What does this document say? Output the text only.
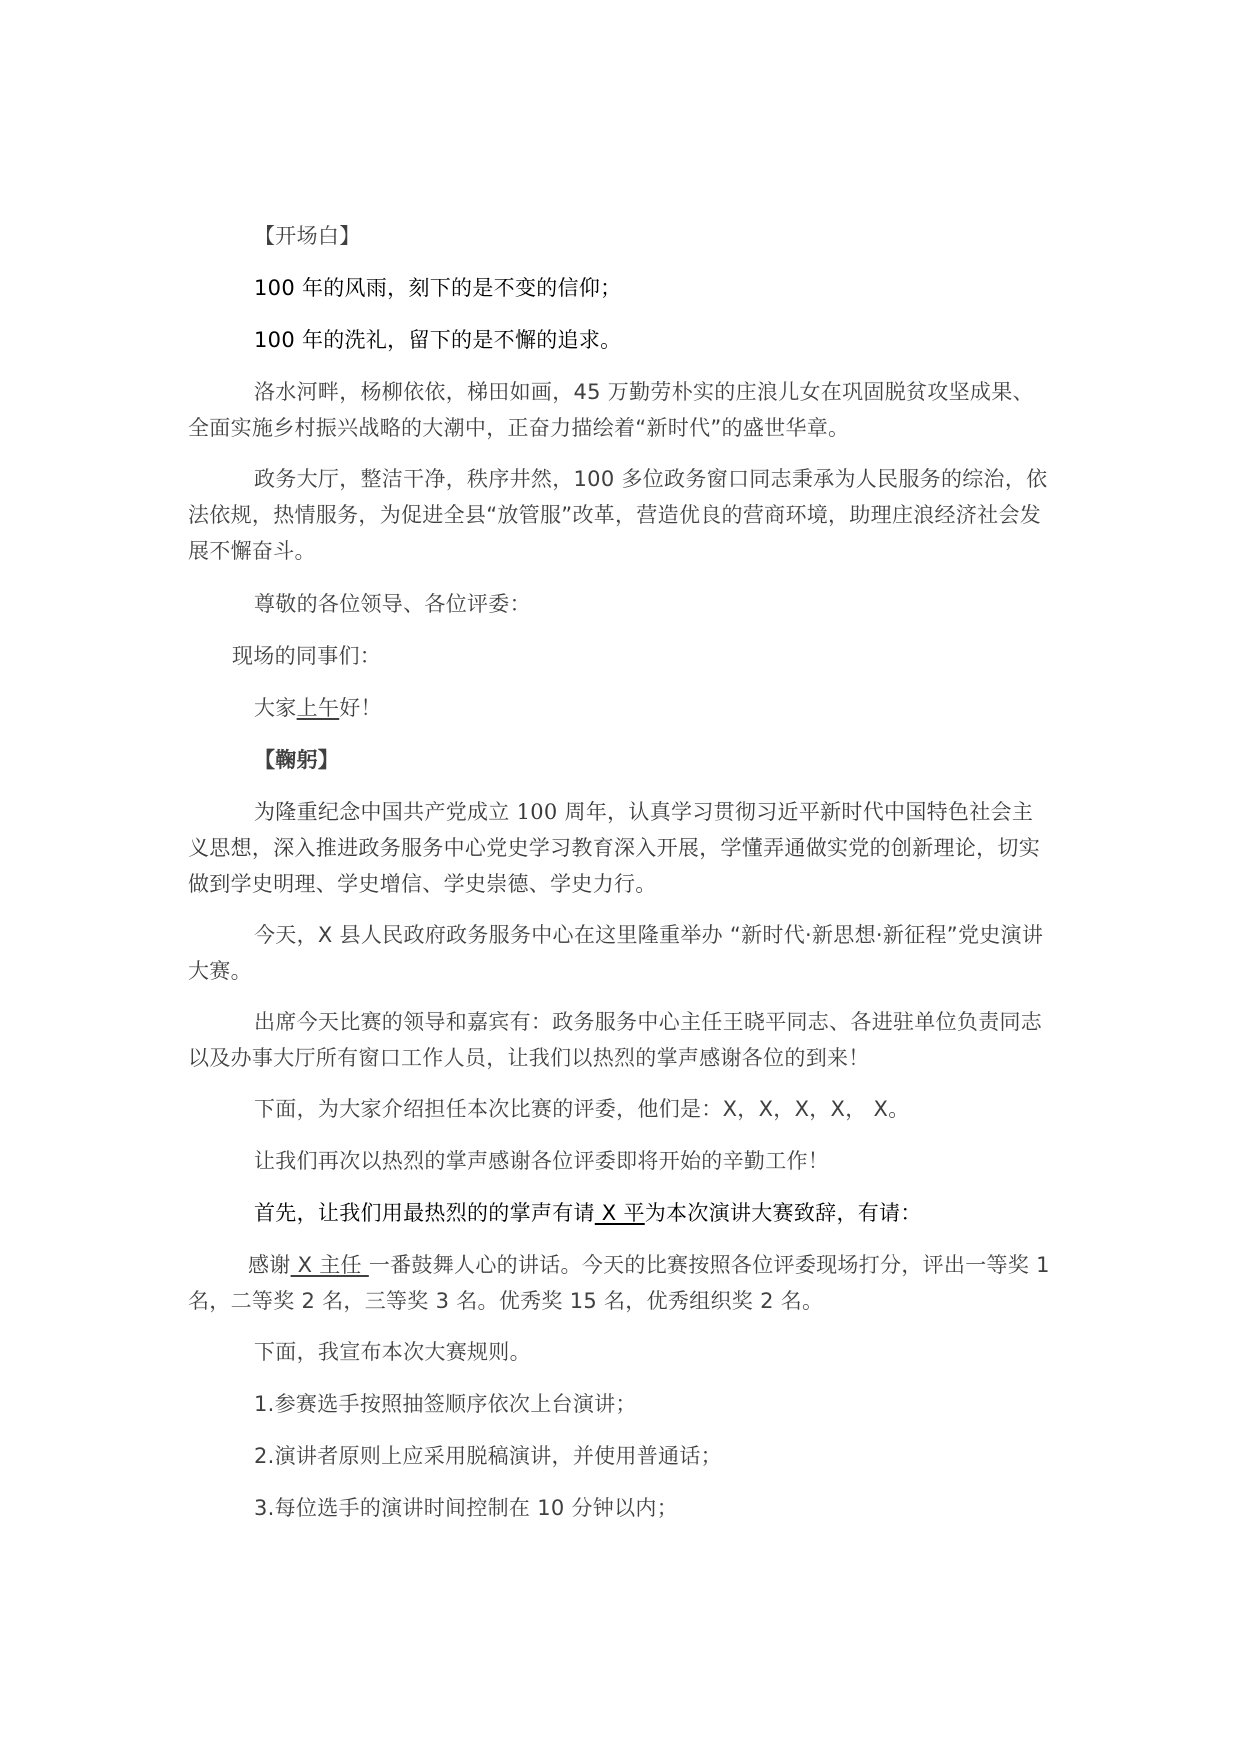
【开场白】

100 年的风雨，刻下的是不变的信仰；

100 年的洗礼，留下的是不懈的追求。

洛水河畔，杨柳依依，梯田如画，45 万勤劳朴实的庄浪儿女在巩固脱贫攻坚成果、全面实施乡村振兴战略的大潮中，正奋力描绘着“新时代”的盛世华章。

政务大厅，整洁干净，秩序井然，100 多位政务窗口同志秉承为人民服务的综治，依法依规，热情服务，为促进全县“放管服”改革，营造优良的营商环境，助理庄浪经济社会发展不懈奋斗。

尊敬的各位领导、各位评委：

现场的同事们：

大家上午好！

【鞠躬】

为隆重纪念中国共产党成立 100 周年，认真学习贯彻习近平新时代中国特色社会主义思想，深入推进政务服务中心党史学习教育深入开展，学懂弄通做实党的创新理论，切实做到学史明理、学史增信、学史崇德、学史力行。

今天，X 县人民政府政务服务中心在这里隆重举办 “新时代·新思想·新征程”党史演讲大赛。

出席今天比赛的领导和嘉宾有：政务服务中心主任王晓平同志、各进驻单位负责同志以及办事大厅所有窗口工作人员，让我们以热烈的掌声感谢各位的到来！

下面，为大家介绍担任本次比赛的评委，他们是：X，X，X，X， X。

让我们再次以热烈的掌声感谢各位评委即将开始的辛勤工作！

首先，让我们用最热烈的的掌声有请 X 平为本次演讲大赛致辞，有请：

感谢 X 主任 一番鼓舞人心的讲话。今天的比赛按照各位评委现场打分，评出一等奖 1 名，二等奖 2 名，三等奖 3 名。优秀奖 15 名，优秀组织奖 2 名。

下面，我宣布本次大赛规则。

1.参赛选手按照抽签顺序依次上台演讲；

2.演讲者原则上应采用脱稿演讲，并使用普通话；

3.每位选手的演讲时间控制在 10 分钟以内；
